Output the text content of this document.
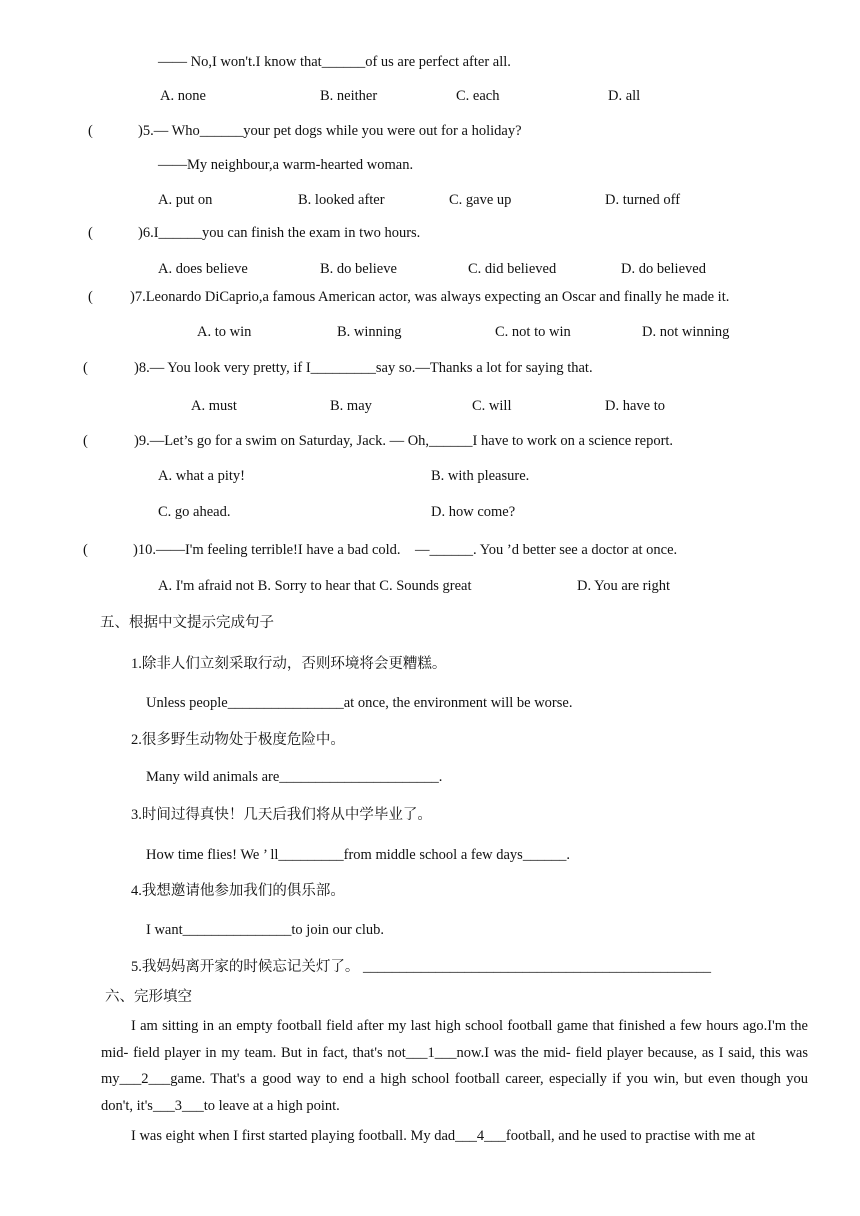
—— No,I won't.I know that______of us are perfect after all.
A. none	B. neither	C. each	D. all
(	)5.— Who______your pet dogs while you were out for a holiday?
——My neighbour,a warm-hearted woman.
A. put on	B. looked after	C. gave up	D. turned off
(	)6.I______you can finish the exam in two hours.
A. does believe	B. do believe	C. did believed	D. do believed
(	)7.Leonardo DiCaprio,a famous American actor, was always expecting an Oscar and finally he made it.
A. to win	B. winning	C. not to win	D. not winning
(	)8.— You look very pretty, if I_________say so.—Thanks a lot for saying that.
A. must	B. may	C. will	D. have to
(	)9.—Let’s go for a swim on Saturday, Jack. — Oh,______I have to work on a science report.
A. what a pity!	B. with pleasure.
C. go ahead.	D. how come?
(	)10.——I'm feeling terrible!I have a bad cold.    —______. You ’d better see a doctor at once.
A. I'm afraid not B. Sorry to hear that C. Sounds great	D. You are right
五、根据中文提示完成句子
1.除非人们立刻采取行动，否则环境将会更糟糕。
Unless people________________at once, the environment will be worse.
2.很多野生动物处于极度危险中。
Many wild animals are______________________.
3.时间过得真快！几天后我们将从中学毕业了。
How time flies! We ’ ll_________from middle school a few days______.
4.我想邀请他参加我们的俱乐部。
I want_______________to join our club.
5.我妈妈离开家的时候忘记关灯了。 ________________________________________________
六、完形填空
I am sitting in an empty football field after my last high school football game that finished a few hours ago.I'm the mid- field player in my team. But in fact, that's not___1___now.I was the mid- field player because, as I said, this was my___2___game. That's a good way to end a high school football career, especially if you win, but even though you don't, it's___3___to leave at a high point.
I was eight when I first started playing football. My dad___4___football, and he used to practise with me at
